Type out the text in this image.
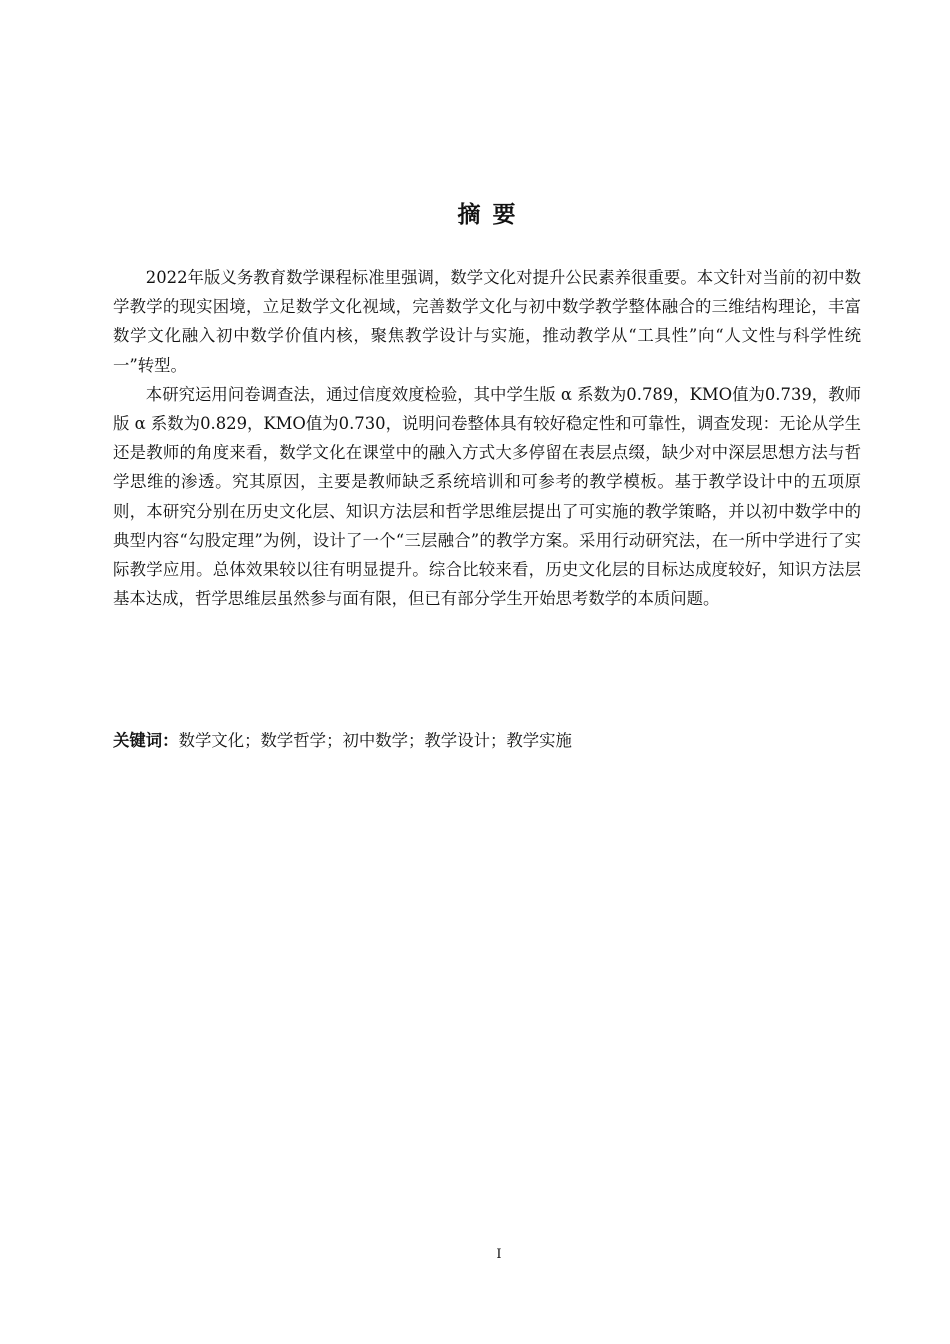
摘 要

2022年版义务教育数学课程标准里强调，数学文化对提升公民素养很重要。本文针对当前的初中数学教学的现实困境，立足数学文化视域，完善数学文化与初中数学教学整体融合的三维结构理论，丰富数学文化融入初中数学价值内核，聚焦教学设计与实施，推动教学从“工具性”向“人文性与科学性统一”转型。

本研究运用问卷调查法，通过信度效度检验，其中学生版 α 系数为0.789，KMO值为0.739，教师版 α 系数为0.829，KMO值为0.730，说明问卷整体具有较好稳定性和可靠性，调查发现：无论从学生还是教师的角度来看，数学文化在课堂中的融入方式大多停留在表层点缀，缺少对中深层思想方法与哲学思维的渗透。究其原因，主要是教师缺乏系统培训和可参考的教学模板。基于教学设计中的五项原则，本研究分别在历史文化层、知识方法层和哲学思维层提出了可实施的教学策略，并以初中数学中的典型内容“勾股定理”为例，设计了一个“三层融合”的教学方案。采用行动研究法，在一所中学进行了实际教学应用。总体效果较以往有明显提升。综合比较来看，历史文化层的目标达成度较好，知识方法层基本达成，哲学思维层虽然参与面有限，但已有部分学生开始思考数学的本质问题。

关键词：数学文化；数学哲学；初中数学；教学设计；教学实施
I
